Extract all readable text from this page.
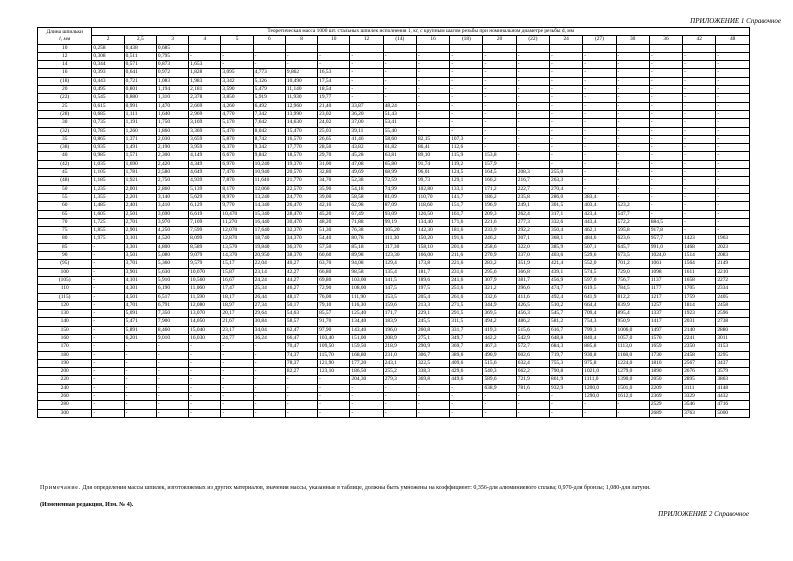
ПРИЛОЖЕНИЕ 1 Справочное
Длина шпильки
l, мм	Теоретическая масса 1000 шт. стальных шпилек исполнения 1, кг, с крупным шагом резьбы при номинальном диаметре резьбы d, мм																			
	2	2,5	3	4	5	6	8	10	12	(14)	16	(18)	20	(22)	24	(27)	30	36	42	48
10	0,258	0,438	0,685																	
12	0,308	0,511	0,795	-	-	-	-	-	-	-	-	-	-	-	-	-	-	-	-	-
14	0,344	0,571	0,873	1,653	-	-	-	-	-	-	-	-	-	-	-	-	-	-	-	-
16	0,393	0,641	0,972	1,828	3,095	4,773	9,862	16,53	-	-	-	-	-	-	-	-	-	-	-	-
(18)	0,443	0,721	1,083	1,983	3,342	5,126	10,490	17,54	-	-	-	-	-	-	-	-	-	-	-	-
20	0,495	0,801	1,194	2,181	3,590	5,479	11,140	18,54	-	-	-	-	-	-	-	-	-	-	-	-
(22)	0,545	0,880	1,310	2,378	3,850	5,919	11,930	19,77	-	-	-	-	-	-	-	-	-	-	-	-
25	0,615	0,991	1,470	2,669	4,260	6,492	12,960	21,40	33,87	48,24	-	-	-	-	-	-	-	-	-	-
(28)	0,685	1,111	1,640	2,969	4,770	7,342	13,990	23,02	36,20	51,43	-	-	-	-	-	-	-	-	-	-
30	0,735	1,191	1,750	3,169	5,170	7,642	14,630	24,02	37,00	53,41	-	-	-	-	-	-	-	-	-	-
(32)	0,785	1,260	1,860	3,369	5,470	8,042	15,470	25,03	39,11	55,40	-	-	-	-	-	-	-	-	-	-
35	0,865	1,371	2,030	3,659	5,870	8,742	16,570	26,65	41,46	58,60	82,15	107,3	-	-	-	-	-	-	-	-
(38)	0,935	1,491	2,190	3,959	6,370	9,342	17,770	28,50	43,82	61,82	86,41	112,6	-	-	-	-	-	-	-	-
40	0,985	1,571	2,300	4,149	6,670	9,842	18,570	29,70	45,28	63,81	89,10	115,9	153,8	-	-	-	-	-	-	-
(42)	1,035	1,690	2,420	4,349	6,970	10,240	19,370	31,00	47,08	65,80	91,74	119,2	157,9	-	-	-	-	-	-	-
45	1,105	1,781	2,580	4,649	7,470	10,940	20,570	32,80	49,69	68,99	96,01	124,5	164,5	208,3	255,0	-	-	-	-	-
(48)	1,185	1,921	2,750	4,939	7,870	11,640	21,770	34,70	52,38	72,59	99,73	129,1	166,2	216,7	263,3	-	-	-	-	-
50	1,235	2,001	2,860	5,139	8,170	12,060	22,570	35,90	54,18	74,99	102,80	133,1	171,2	222,7	270,4	-	-	-	-	-
55	1,355	2,201	3,140	5,629	8,970	13,240	24,770	39,00	58,58	81,09	110,70	141,7	186,2	235,8	286,0	383,4	-	-	-	-
60	1,485	2,401	3,410	6,129	9,770	14,340	26,470	42,10	62,98	87,09	118,60	151,7	196,9	249,1	301,5	403,4	523,2	-	-	-
65	1,605	2,501	3,690	6,619	10,470	15,340	28,470	45,20	67,49	93,09	126,50	161,7	209,3	262,4	317,1	423,4	547,7	-	-	-
70	1,725	2,701	3,970	7,109	11,270	16,440	30,470	48,20	71,88	99,19	134,40	171,6	221,6	277,3	332,6	443,4	572,2	884,5	-	-
75	1,855	2,901	4,250	7,599	12,070	17,640	32,370	51,30	76,38	105,20	142,30	181,6	233,9	292,2	350,4	462,1	595,8	917,8	-	-
80	1,975	3,101	4,520	8,099	12,870	18,740	34,370	54,40	80,78	111,30	150,20	191,6	246,2	307,1	368,1	484,6	623,6	957,7	1423	1963
85	-	3,301	4,800	8,589	13,570	19,840	36,370	57,50	85,18	117,30	158,10	201,6	258,6	322,0	385,9	507,1	645,7	991,0	1468	2023
90	-	3,501	5,080	9,079	14,370	20,950	38,370	60,60	89,98	123,30	166,00	211,6	270,9	337,0	403,6	529,6	673,5	1024,0	1514	2083
(95)	-	3,701	5,360	9,579	15,17	22,04	40,27	63,70	94,08	129,4	173,8	221,6	283,2	351,9	421,4	552,0	701,2	1061	1564	2149
100	-	3,901	5,630	10,070	15,87	23,14	42,27	66,80	98,58	135,4	181,7	231,6	295,6	366,8	439,1	574,5	729,0	1098	1611	2210
(105)	-	4,101	5,910	10,560	16,67	24,24	44,27	69,80	103,00	141,5	189,6	241,6	307,9	381,7	456,9	597,0	756,7	1137	1658	2272
110	-	4,301	6,190	11,060	17,47	25,34	46,27	72,90	108,00	147,5	197,5	251,6	321,2	396,6	474,7	619,5	784,5	1177	1705	2334
(115)	-	4,501	6,517	11,590	18,17	26,44	48,17	76,00	111,90	153,5	205,4	261,6	332,6	411,6	492,4	641,9	812,2	1217	1759	2405
120	-	4,701	6,791	12,080	18,97	27,34	50,17	79,10	116,30	159,6	213,3	271,5	344,9	426,5	510,2	664,4	839,9	1257	1814	2458
130	-	5,091	7,350	13,070	20,17	29,64	54,63	85,57	125,40	171,7	229,1	291,5	369,5	456,3	545,7	709,4	895,4	1337	1923	2596
140	-	5,471	7,900	14,050	21,67	30,84	58,57	91,70	134,40	183,9	245,5	311,5	494,2	486,2	581,2	754,3	950,9	1417	2031	2738
150	-	5,891	8,460	15,040	23,17	34,04	62,47	97,90	143,40	196,0	260,8	331,7	419,3	515,6	616,7	799,3	1006,0	1497	2140	2880
160	-	6,201	9,010	16,030	24,77	36,24	66,47	103,40	151,00	208,9	275,1	349,7	442,2	542,9	648,8	840,4	1057,0	1570	2241	3011
170	-	-	-	-	-	-	70,47	109,50	159,50	218,9	290,9	369,7	467,3	572,7	684,3	885,8	1113,0	1659	2350	3153
180	-	-	-	-	-	-	74,37	115,70	168,80	231,0	306,7	389,6	490,9	602,6	719,7	930,8	1168,0	1730	2458	3295
190	-	-	-	-	-	-	78,37	121,90	177,20	243,1	322,5	409,6	515,6	632,4	755,3	975,8	1224,0	1810	2567	3437
200	-	-	-	-	-	-	82,27	123,10	186,50	255,2	338,3	429,6	540,3	662,2	790,8	1021,0	1279,0	1890	2676	3579
220	-	-	-	-	-	-	-	-	204,30	279,3	369,8	449,6	589,6	721,9	861,9	1111,0	1390,0	2050	2895	3863
240	-	-	-	-	-	-	-	-	-	-	-	-	638,9	781,6	932,9	1200,0	1501,0	2209	3111	4148
260	-	-	-	-	-	-	-	-	-	-	-	-	-	-	-	1290,0	1612,0	2369	3329	4432
280	-	-	-	-	-	-	-	-	-	-	-	-	-	-	-	-	-	2529	3546	4716
300	-	-	-	-	-	-	-	-	-	-	-	-	-	-	-	-	-	2689	3763	5000
Примечание. Для определения массы шпилек, изготовляемых из других материалов, значения массы, указанные в таблице, должны быть умножены на коэффициент: 0,356-для алюминиевого сплава; 0,970-для бронзы; 1,080-для латуни.
(Измененная редакция, Изм. № 4).
ПРИЛОЖЕНИЕ 2 Справочное
